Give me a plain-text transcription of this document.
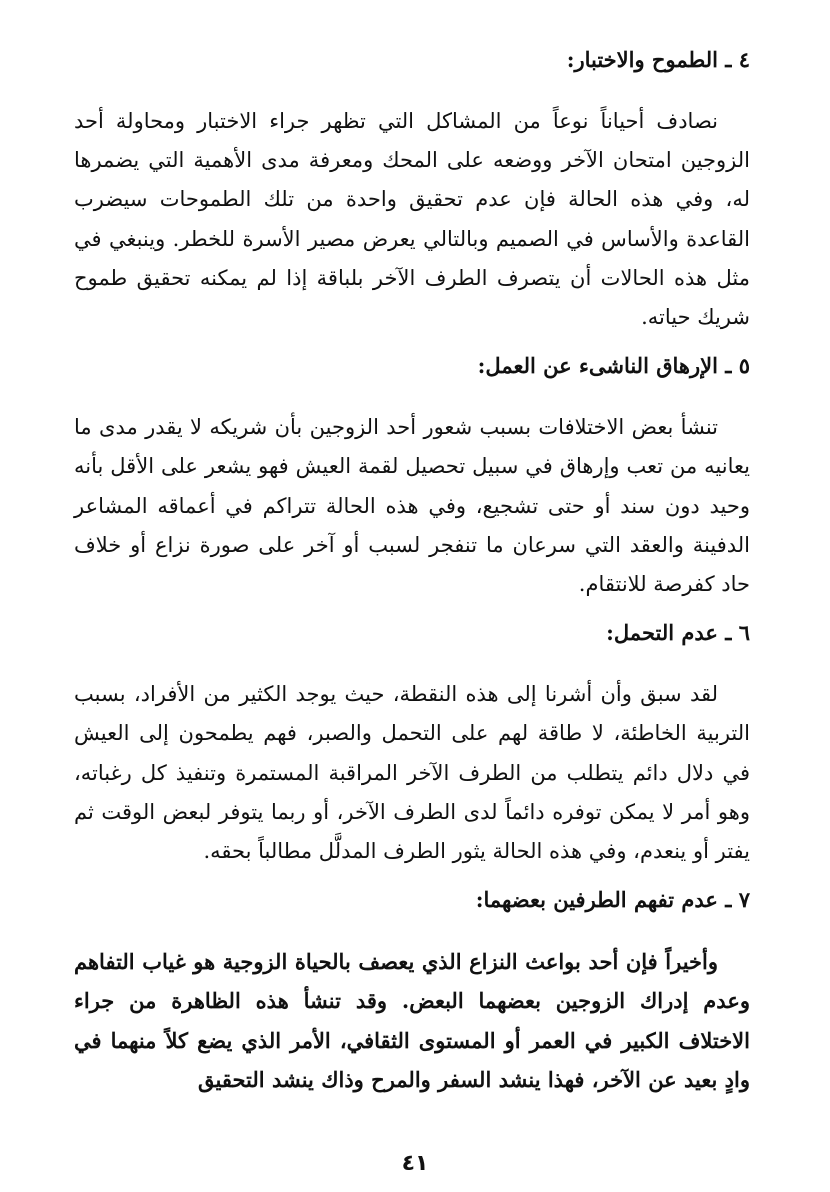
٤ ـ الطموح والاختبار:

نصادف أحياناً نوعاً من المشاكل التي تظهر جراء الاختبار ومحاولة أحد الزوجين امتحان الآخر ووضعه على المحك ومعرفة مدى الأهمية التي يضمرها له، وفي هذه الحالة فإن عدم تحقيق واحدة من تلك الطموحات سيضرب القاعدة والأساس في الصميم وبالتالي يعرض مصير الأسرة للخطر. وينبغي في مثل هذه الحالات أن يتصرف الطرف الآخر بلباقة إذا لم يمكنه تحقيق طموح شريك حياته.

٥ ـ الإرهاق الناشىء عن العمل:

تنشأ بعض الاختلافات بسبب شعور أحد الزوجين بأن شريكه لا يقدر مدى ما يعانيه من تعب وإرهاق في سبيل تحصيل لقمة العيش فهو يشعر على الأقل بأنه وحيد دون سند أو حتى تشجيع، وفي هذه الحالة تتراكم في أعماقه المشاعر الدفينة والعقد التي سرعان ما تنفجر لسبب أو آخر على صورة نزاع أو خلاف حاد كفرصة للانتقام.

٦ ـ عدم التحمل:

لقد سبق وأن أشرنا إلى هذه النقطة، حيث يوجد الكثير من الأفراد، بسبب التربية الخاطئة، لا طاقة لهم على التحمل والصبر، فهم يطمحون إلى العيش في دلال دائم يتطلب من الطرف الآخر المراقبة المستمرة وتنفيذ كل رغباته، وهو أمر لا يمكن توفره دائماً لدى الطرف الآخر، أو ربما يتوفر لبعض الوقت ثم يفتر أو ينعدم، وفي هذه الحالة يثور الطرف المدلَّل مطالباً بحقه.

٧ ـ عدم تفهم الطرفين بعضهما:

وأخيراً فإن أحد بواعث النزاع الذي يعصف بالحياة الزوجية هو غياب التفاهم وعدم إدراك الزوجين بعضهما البعض. وقد تنشأ هذه الظاهرة من جراء الاختلاف الكبير في العمر أو المستوى الثقافي، الأمر الذي يضع كلاً منهما في وادٍ بعيد عن الآخر، فهذا ينشد السفر والمرح وذاك ينشد التحقيق

٤١
